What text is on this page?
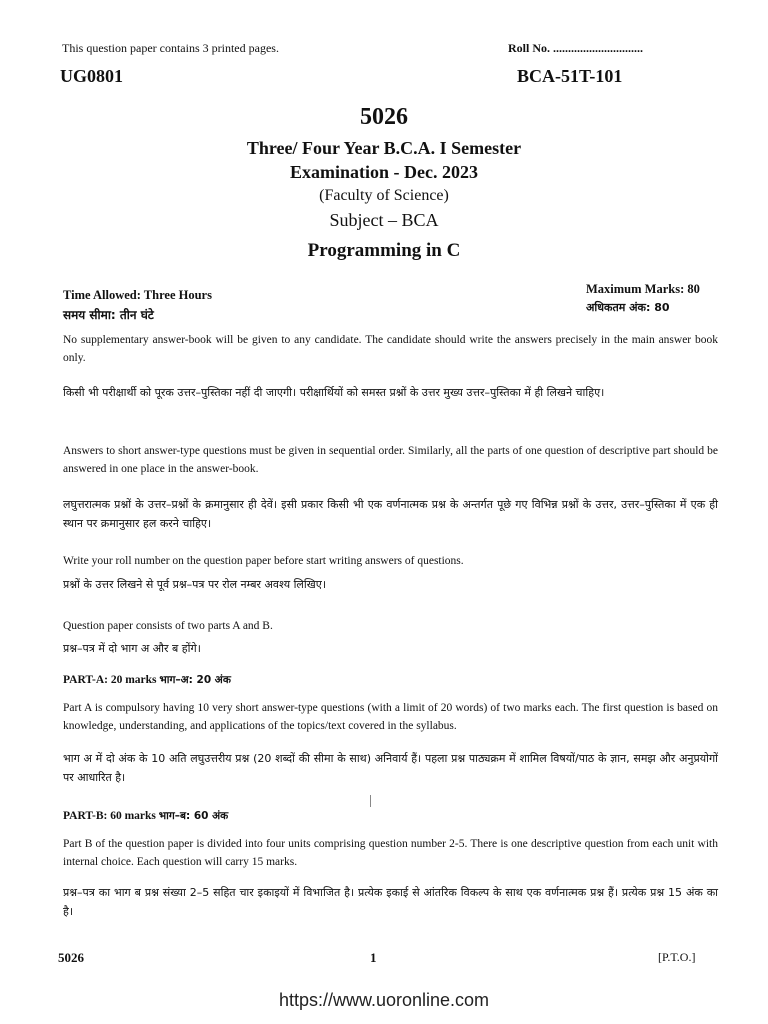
This question paper contains 3 printed pages.	Roll No. ..............................
UG0801	BCA-51T-101
5026
Three/ Four Year B.C.A. I Semester
Examination - Dec. 2023
(Faculty of Science)
Subject – BCA
Programming in C
Time Allowed: Three Hours
समय सीमा: तीन घंटे
Maximum Marks: 80
अधिकतम अंक: 80
No supplementary answer-book will be given to any candidate. The candidate should write the answers precisely in the main answer book only.
किसी भी परीक्षार्थी को पूरक उत्तर–पुस्तिका नहीं दी जाएगी। परीक्षार्थियों को समस्त प्रश्नों के उत्तर मुख्य उत्तर–पुस्तिका में ही लिखने चाहिए।
Answers to short answer-type questions must be given in sequential order. Similarly, all the parts of one question of descriptive part should be answered in one place in the answer-book.
लघुत्तरात्मक प्रश्नों के उत्तर–प्रश्नों के क्रमानुसार ही देवें। इसी प्रकार किसी भी एक वर्णनात्मक प्रश्न के अन्तर्गत पूछे गए विभिन्न प्रश्नों के उत्तर, उत्तर–पुस्तिका में एक ही स्थान पर क्रमानुसार हल करने चाहिए।
Write your roll number on the question paper before start writing answers of questions.
प्रश्नों के उत्तर लिखने से पूर्व प्रश्न–पत्र पर रोल नम्बर अवश्य लिखिए।
Question paper consists of two parts A and B.
प्रश्न–पत्र में दो भाग अ और ब होंगे।
PART-A: 20 marks भाग–अ: 20 अंक
Part A is compulsory having 10 very short answer-type questions (with a limit of 20 words) of two marks each. The first question is based on knowledge, understanding, and applications of the topics/text covered in the syllabus.
भाग अ में दो अंक के 10 अति लघुउत्तरीय प्रश्न (20 शब्दों की सीमा के साथ) अनिवार्य हैं। पहला प्रश्न पाठ्यक्रम में शामिल विषयों/पाठ के ज्ञान, समझ और अनुप्रयोगों पर आधारित है।
PART-B: 60 marks भाग–ब: 60 अंक
Part B of the question paper is divided into four units comprising question number 2-5. There is one descriptive question from each unit with internal choice. Each question will carry 15 marks.
प्रश्न–पत्र का भाग ब प्रश्न संख्या 2–5 सहित चार इकाइयों में विभाजित है। प्रत्येक इकाई से आंतरिक विकल्प के साथ एक वर्णनात्मक प्रश्न हैं। प्रत्येक प्रश्न 15 अंक का है।
5026	1	[P.T.O.]
https://www.uoronline.com
